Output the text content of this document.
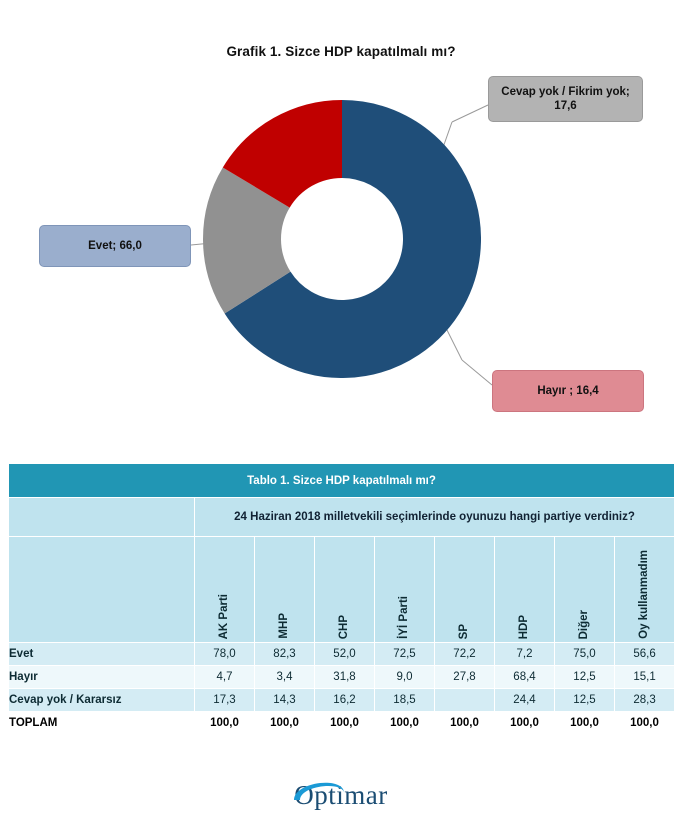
Grafik 1. Sizce HDP kapatılmalı mı?
Evet; 66,0
Cevap yok / Fikrim yok; 17,6
Hayır ; 16,4
Tablo 1. Sizce HDP kapatılmalı mı?								
	24 Haziran 2018 milletvekili seçimlerinde oyunuzu hangi partiye verdiniz?							
	AK Parti	MHP	CHP	İYİ Parti	SP	HDP	Diğer	Oy kullanmadım
Evet	78,0	82,3	52,0	72,5	72,2	7,2	75,0	56,6
Hayır	4,7	3,4	31,8	9,0	27,8	68,4	12,5	15,1
Cevap yok / Kararsız	17,3	14,3	16,2	18,5		24,4	12,5	28,3
TOPLAM	100,0	100,0	100,0	100,0	100,0	100,0	100,0	100,0
Optimar
